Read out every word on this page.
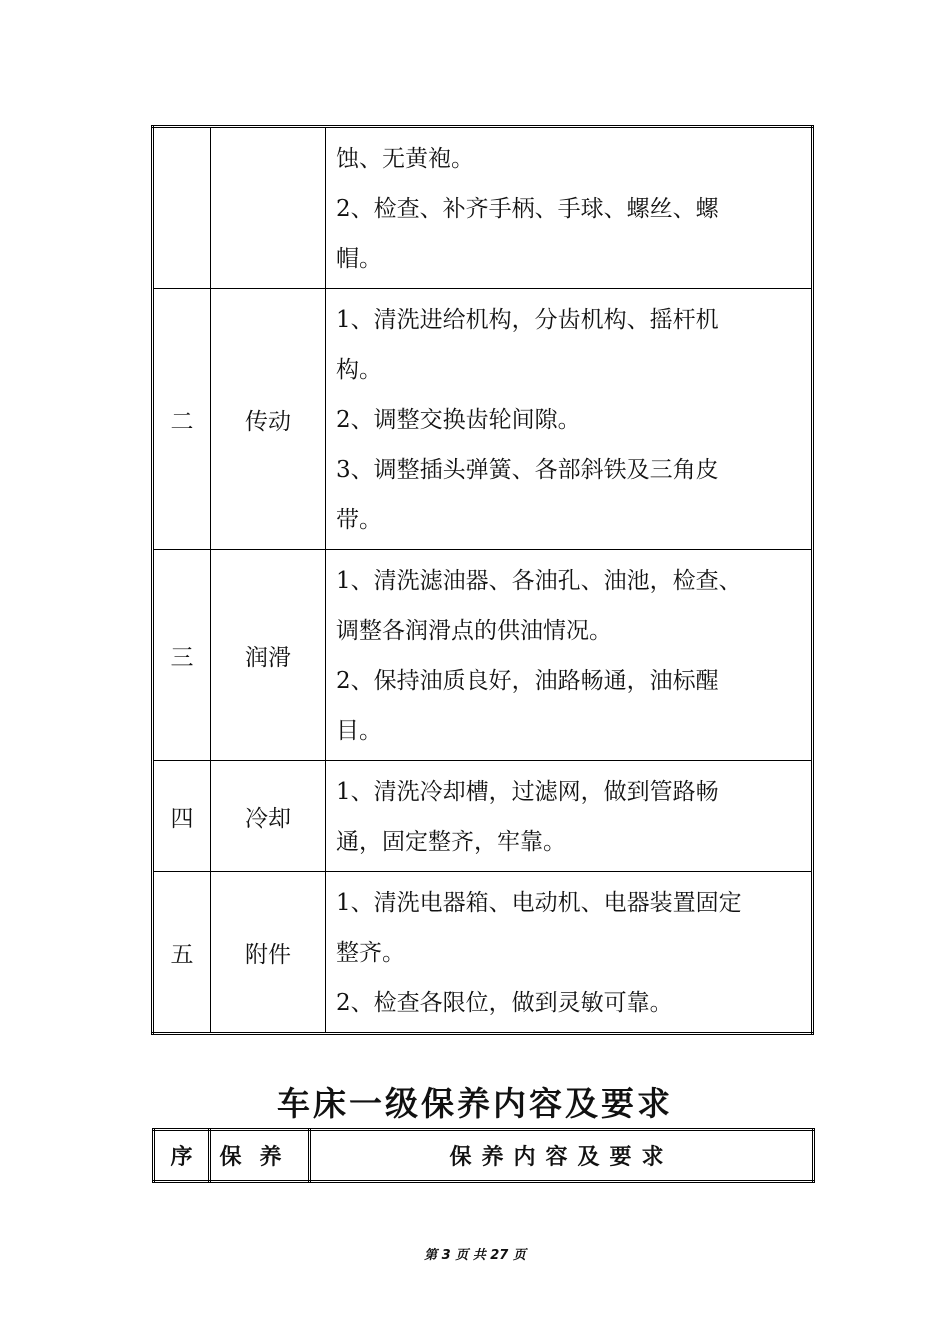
		蚀、无黄袍。
2、检查、补齐手柄、手球、螺丝、螺
帽。

二	传动	1、清洗进给机构，分齿机构、摇杆机
构。
2、调整交换齿轮间隙。
3、调整插头弹簧、各部斜铁及三角皮
带。

三	润滑	1、清洗滤油器、各油孔、油池，检查、
调整各润滑点的供油情况。
2、保持油质良好，油路畅通，油标醒
目。

四	冷却	1、清洗冷却槽，过滤网，做到管路畅
通，固定整齐，牢靠。

五	附件	1、清洗电器箱、电动机、电器装置固定
整齐。
2、检查各限位，做到灵敏可靠。
车床一级保养内容及要求
序	保养	保养内容及要求
第 3 页 共 27 页
